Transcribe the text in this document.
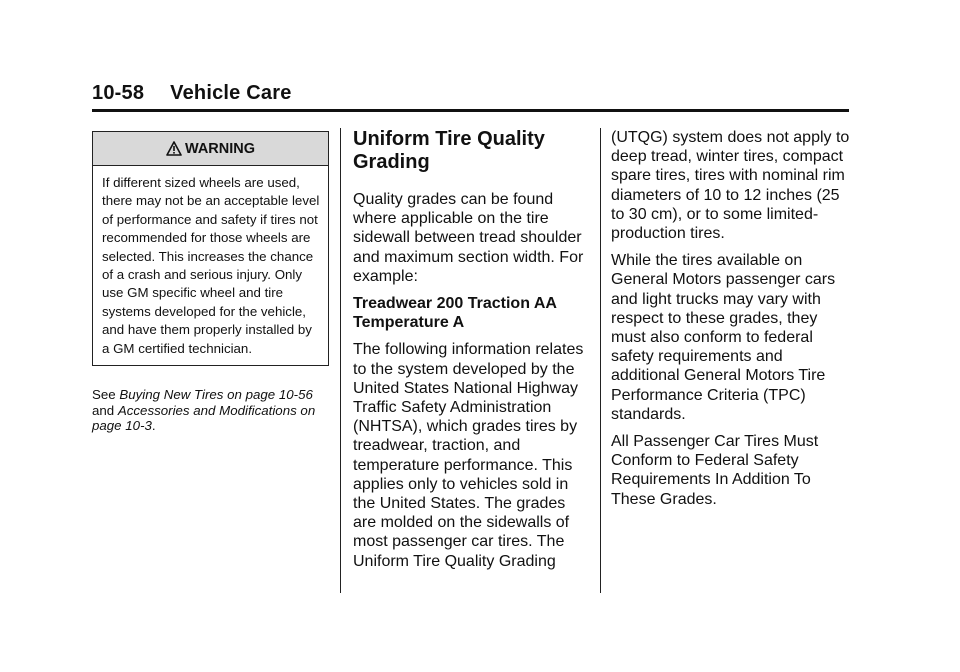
10-58 Vehicle Care
WARNING
If different sized wheels are used, there may not be an acceptable level of performance and safety if tires not recommended for those wheels are selected. This increases the chance of a crash and serious injury. Only use GM specific wheel and tire systems developed for the vehicle, and have them properly installed by a GM certified technician.
See Buying New Tires on page 10-56 and Accessories and Modifications on page 10-3.
Uniform Tire Quality Grading

Quality grades can be found where applicable on the tire sidewall between tread shoulder and maximum section width. For example:

Treadwear 200 Traction AA Temperature A

The following information relates to the system developed by the United States National Highway Traffic Safety Administration (NHTSA), which grades tires by treadwear, traction, and temperature performance. This applies only to vehicles sold in the United States. The grades are molded on the sidewalls of most passenger car tires. The Uniform Tire Quality Grading

(UTQG) system does not apply to deep tread, winter tires, compact spare tires, tires with nominal rim diameters of 10 to 12 inches (25 to 30 cm), or to some limited-production tires.

While the tires available on General Motors passenger cars and light trucks may vary with respect to these grades, they must also conform to federal safety requirements and additional General Motors Tire Performance Criteria (TPC) standards.

All Passenger Car Tires Must Conform to Federal Safety Requirements In Addition To These Grades.
